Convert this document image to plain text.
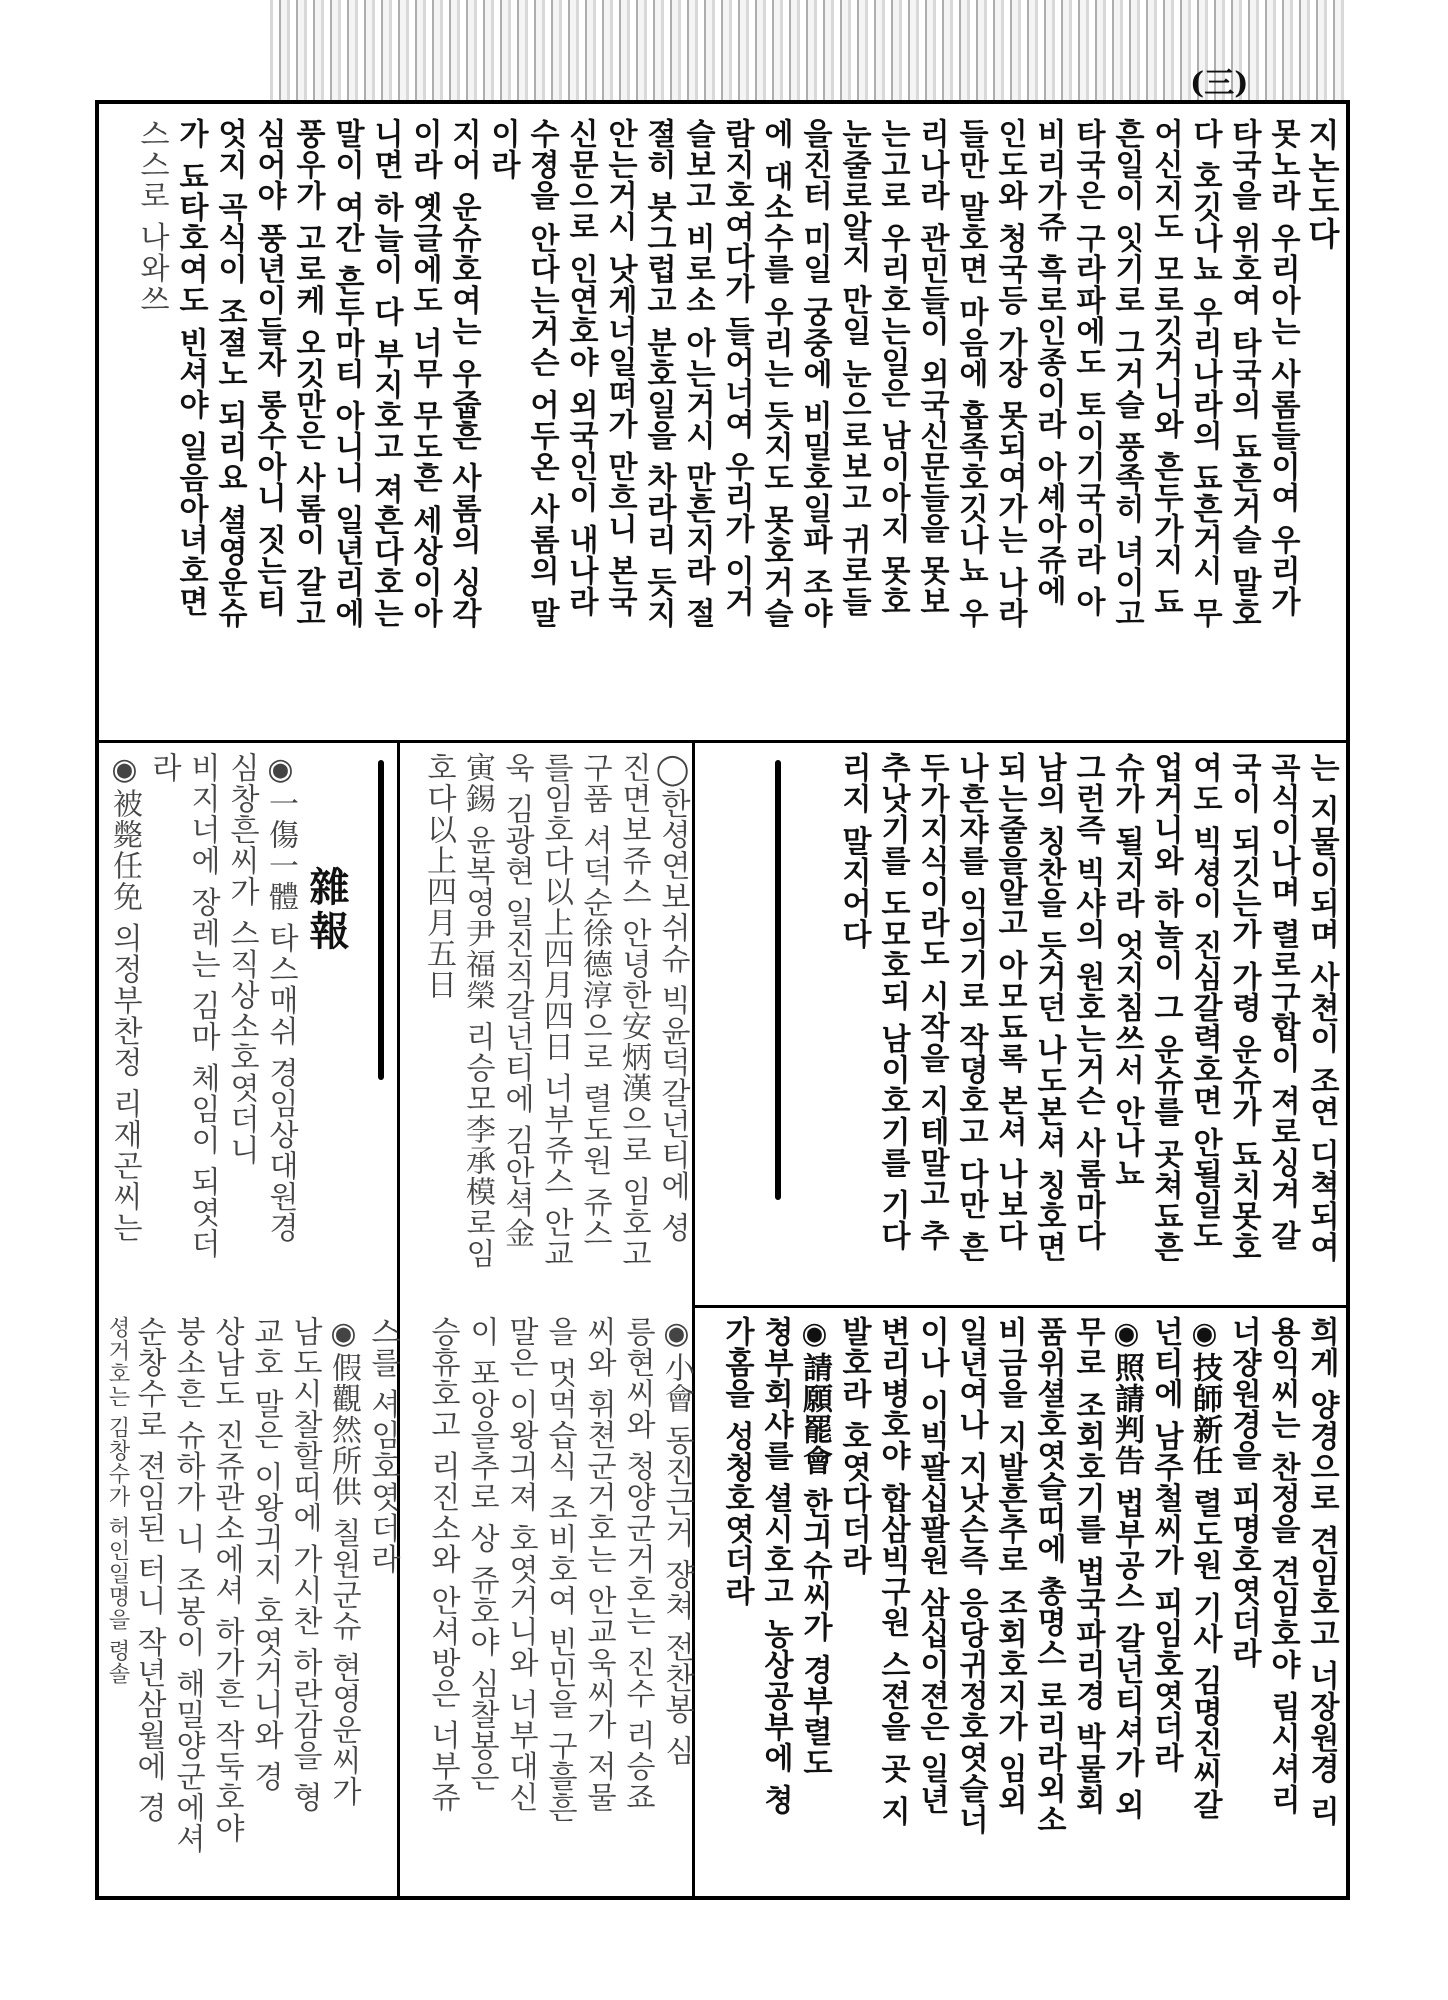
(三)
雜報
지논도다
못노라 우리아는 사롬들이여 우리가
타국을 위호여 타국의 됴흔거슬 말호
다 호깃나뇨 우리나라의 됴흔거시 무
어신지도 모로깃거니와 흔두가지 됴
흔일이 잇기로 그거슬 풍족히 녀이고
타국은 구라파에도 토이기국이라 아
비리가쥬 흑로인종이라 아셰아쥬에
인도와 청국등 가장 못되여가는 나라
들만 말호면 마음에 흡족호깃나뇨 우
리나라 관민들이 외국신문들을 못보
는고로 우리호는일은 남이아지 못호
눈줄로알지 만일 눈으로보고 귀로들
을진터 미일 궁중에 비밀호일파 조야
에 대소수를 우리는 듯지도 못호거슬
람지호여다가 들어너여 우리가 이거
슬보고 비로소 아는거시 만흔지라 절
졀히 붓그럽고 분호일을 차라리 듯지
안는거시 낫게너일떠가 만흐니 본국
신문으로 인연호야 외국인이 내나라
수졍을 안다는거슨 어두온 사롬의 말
이라
지어 운슈호여는 우줍흔 사롬의 싱각
이라 옛글에도 너무 무도흔 세상이아
니면 하늘이 다 부지호고 져흔다호는
말이 여간 흔두마티 아니니 일년리에
풍우가 고로케 오깃만은 사롬이 갈고
심어야 풍년이들자 롱수아니 짓는티
엇지 곡식이 조졀노 되리요 셜영운슈
가 됴타호여도 빈셔야 일음아녀호면
스스로 나와쓰
는 지물이되며 사쳔이 조연 디쳑되여
곡식이나며 렬로구합이 져로싱겨 갈
국이 되깃는가 가령 운슈가 됴치못호
여도 빅셩이 진심갈력호면 안될일도
업거니와 하놀이 그 운슈를 곳쳐됴흔
슈가 될지라 엇지침쓰서 안나뇨
그런즉 빅샤의 원호는거슨 사롬마다
남의 칭찬을 듯거던 나도본셔 칭호면
되는줄을알고 아모됴록 본셔 나보다
나흔쟈를 익의기로 작뎡호고 다만 흔
두가지식이라도 시작을 지테말고 추
추낫기를 도모호되 남이호기를 기다
리지 말지어다
◯한셩연보쉬슈 빅윤덕갈넌티에 셩
진면보쥬스 안녕한安炳漢으로 임호고
구품 셔덕순徐德淳으로 렬도원 쥬스
를임호다以上四月四日 너부쥬스 안교
욱 김광현 일진직갈넌티에 김안셕金
寅錫 윤복영尹福榮 리승모李承模로임
호다以上四月五日
◉一傷一體 타스매쉬 경임상대원경
심창흔씨가 스직상소호엿더니
비지너에 장레는 김마 체임이 되엿더
라
◉被斃任免 의정부찬정 리재곤씨는
희게 양경으로 견임호고 너장원경 리
용익씨는 찬정을 견임호야 림시셔리
너쟝원경을 피명호엿더라
◉技師新任 렬도원 기사 김명진씨갈
넌티에 남주철씨가 피임호엿더라
◉照請判告 법부공스 갈넌티셔가 외
무로 조회호기를 법국파리경 박물회
품위셜호엿슬띠에 총명스 로리라외소
비금을 지발흔추로 조회호지가 임외
일년여나 지낫슨즉 응당귀정호엿슬너
이나 이빅팔십팔원 삼십이젼은 일년
변리병호야 합삼빅구원 스젼을 곳 지
발호라 호엿다더라
◉請願罷會 한긔슈씨가 경부렬도
쳥부회샤를 셜시호고 농상공부에 쳥
가홈을 성청호엿더라
◉小會 동진근거 쟝쳐 전찬봉 심
릉현씨와 청양군거호는 진수 리승죠
씨와 휘쳔군거호는 안교욱씨가 저물
을 멋먹습식 조비호여 빈민을 구흘흔
말은 이왕긔져 호엿거니와 너부대신
이 포앙을추로 상 쥬호야 심찰봉은
승휴호고 리진소와 안셔방은 너부쥬
스를 셔임호엿더라
◉假觀然所供 칠원군슈 현영운씨가
남도시찰할띠에 가시찬 하란감을 형
교호 말은 이왕긔지 호엿거니와 경
상남도 진쥬관소에셔 하가흔 작둑호야
붕소흔 슈하가 니 조봉이 해밀양군에셔
순창수로 젼임된 터니 작년삼월에 경
셩거호는 김창수가 허인일명을 령솔
